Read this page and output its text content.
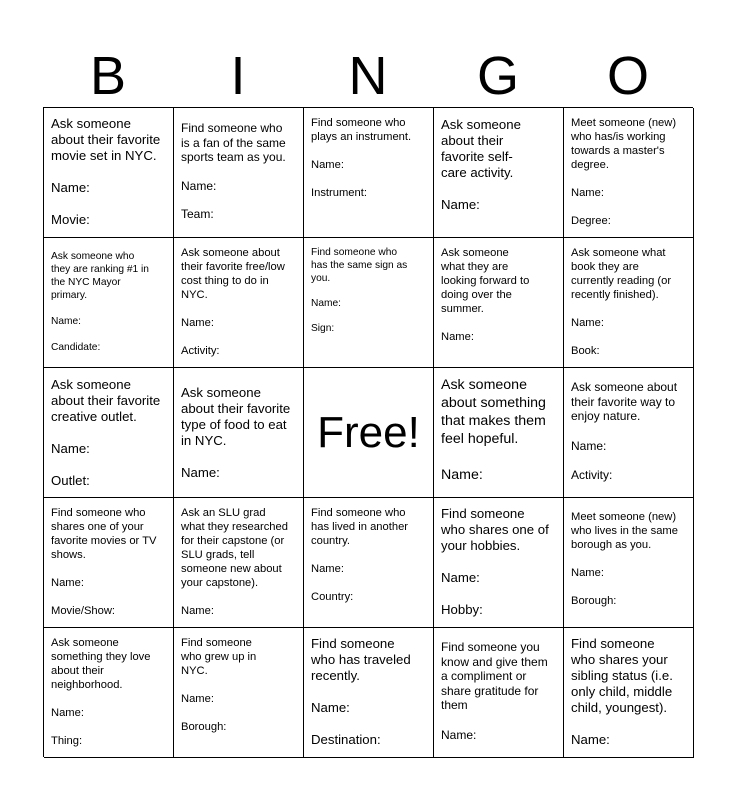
B	I	N	G	O
Ask someone
about their favorite
movie set in NYC.
Name:
Movie:
Find someone who
is a fan of the same
sports team as you.
Name:
Team:
Find someone who
plays an instrument.
Name:
Instrument:
Ask someone
about their
favorite self-
care activity.
Name:
Meet someone (new)
who has/is working
towards a master's
degree.
Name:
Degree:
Ask someone who
they are ranking #1 in
the NYC Mayor
primary.
Name:
Candidate:
Ask someone about
their favorite free/low
cost thing to do in
NYC.
Name:
Activity:
Find someone who
has the same sign as
you.
Name:
Sign:
Ask someone
what they are
looking forward to
doing over the
summer.
Name:
Ask someone what
book they are
currently reading (or
recently finished).
Name:
Book:
Ask someone
about their favorite
creative outlet.
Name:
Outlet:
Ask someone
about their favorite
type of food to eat
in NYC.
Name:
Free!
Ask someone
about something
that makes them
feel hopeful.
Name:
Ask someone about
their favorite way to
enjoy nature.
Name:
Activity:
Find someone who
shares one of your
favorite movies or TV
shows.
Name:
Movie/Show:
Ask an SLU grad
what they researched
for their capstone (or
SLU grads, tell
someone new about
your capstone).
Name:
Find someone who
has lived in another
country.
Name:
Country:
Find someone
who shares one of
your hobbies.
Name:
Hobby:
Meet someone (new)
who lives in the same
borough as you.
Name:
Borough:
Ask someone
something they love
about their
neighborhood.
Name:
Thing:
Find someone
who grew up in
NYC.
Name:
Borough:
Find someone
who has traveled
recently.
Name:
Destination:
Find someone you
know and give them
a compliment or
share gratitude for
them
Name:
Find someone
who shares your
sibling status (i.e.
only child, middle
child, youngest).
Name:
